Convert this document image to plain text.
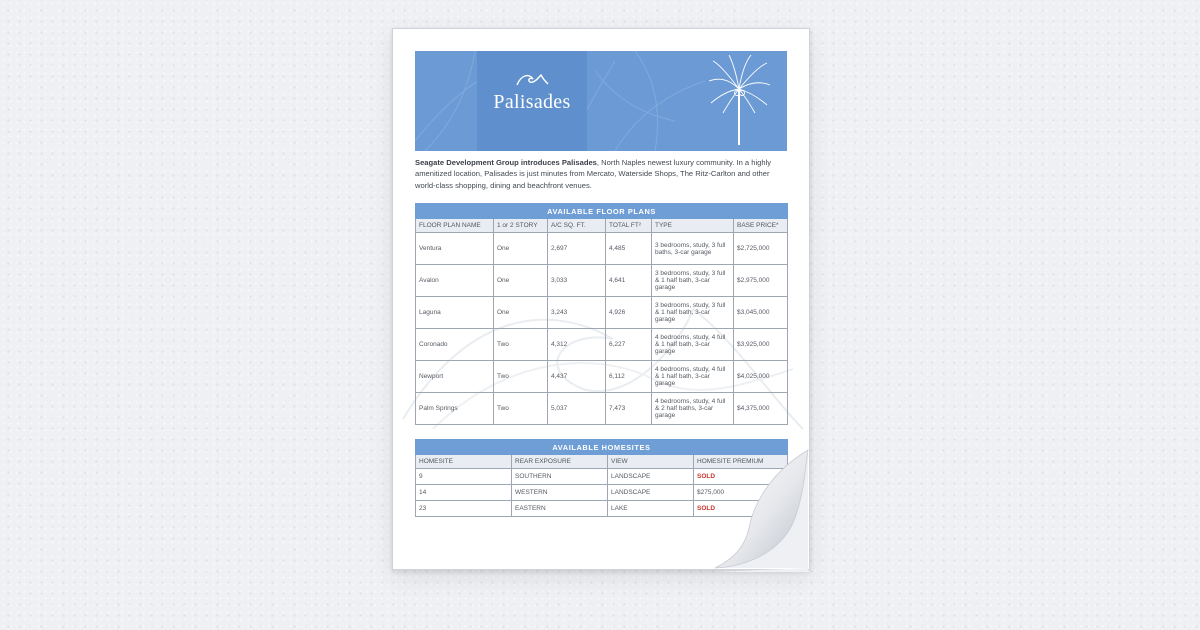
Palisades
Seagate Development Group introduces Palisades, North Naples newest luxury community. In a highly amenitized location, Palisades is just minutes from Mercato, Waterside Shops, The Ritz-Carlton and other world-class shopping, dining and beachfront venues.
AVAILABLE FLOOR PLANS					
FLOOR PLAN NAME	1 or 2 STORY	A/C SQ. FT.	TOTAL FT²	TYPE	BASE PRICE*
Ventura	One	2,697	4,485	3 bedrooms, study, 3 full baths, 3-car garage	$2,725,000
Avalon	One	3,033	4,641	3 bedrooms, study, 3 full & 1 half bath, 3-car garage	$2,975,000
Laguna	One	3,243	4,926	3 bedrooms, study, 3 full & 1 half bath, 3-car garage	$3,045,000
Coronado	Two	4,312	6,227	4 bedrooms, study, 4 full & 1 half bath, 3-car garage	$3,925,000
Newport	Two	4,437	6,112	4 bedrooms, study, 4 full & 1 half bath, 3-car garage	$4,025,000
Palm Springs	Two	5,037	7,473	4 bedrooms, study, 4 full & 2 half baths, 3-car garage	$4,375,000
AVAILABLE HOMESITES			
HOMESITE	REAR EXPOSURE	VIEW	HOMESITE PREMIUM
9	SOUTHERN	LANDSCAPE	SOLD
14	WESTERN	LANDSCAPE	$275,000
23	EASTERN	LAKE	SOLD
